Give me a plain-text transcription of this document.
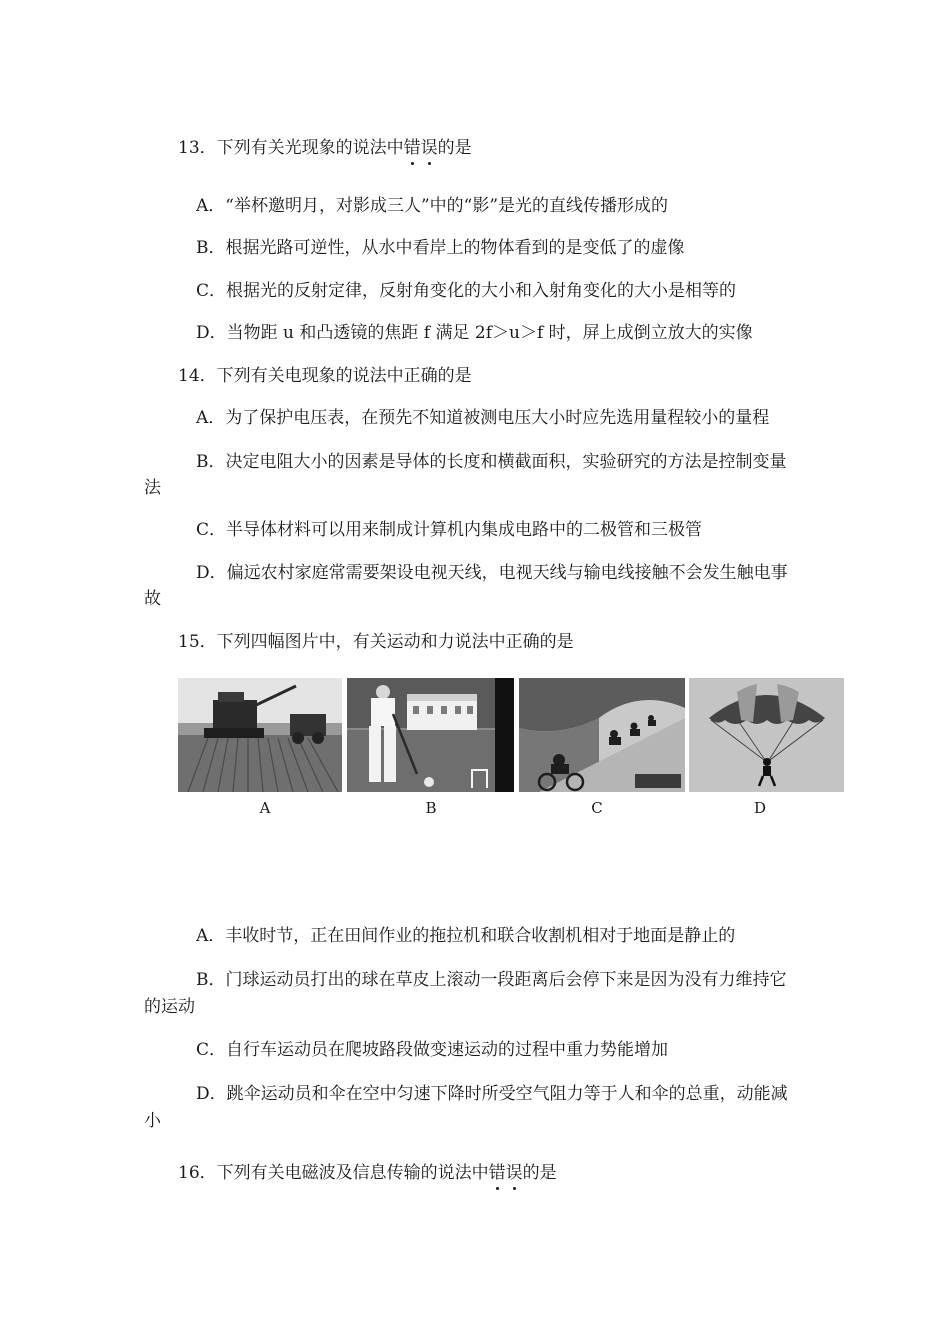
13．下列有关光现象的说法中错误的是
A．“举杯邀明月，对影成三人”中的“影”是光的直线传播形成的
B．根据光路可逆性，从水中看岸上的物体看到的是变低了的虚像
C．根据光的反射定律，反射角变化的大小和入射角变化的大小是相等的
D．当物距 u 和凸透镜的焦距 f 满足 2f＞u＞f 时，屏上成倒立放大的实像
14．下列有关电现象的说法中正确的是
A．为了保护电压表，在预先不知道被测电压大小时应先选用量程较小的量程
B．决定电阻大小的因素是导体的长度和横截面积，实验研究的方法是控制变量
法
C．半导体材料可以用来制成计算机内集成电路中的二极管和三极管
D．偏远农村家庭常需要架设电视天线，电视天线与输电线接触不会发生触电事
故
15．下列四幅图片中，有关运动和力说法中正确的是
A	B	C	D
A．丰收时节，正在田间作业的拖拉机和联合收割机相对于地面是静止的
B．门球运动员打出的球在草皮上滚动一段距离后会停下来是因为没有力维持它
的运动
C．自行车运动员在爬坡路段做变速运动的过程中重力势能增加
D．跳伞运动员和伞在空中匀速下降时所受空气阻力等于人和伞的总重，动能减
小
16．下列有关电磁波及信息传输的说法中错误的是
